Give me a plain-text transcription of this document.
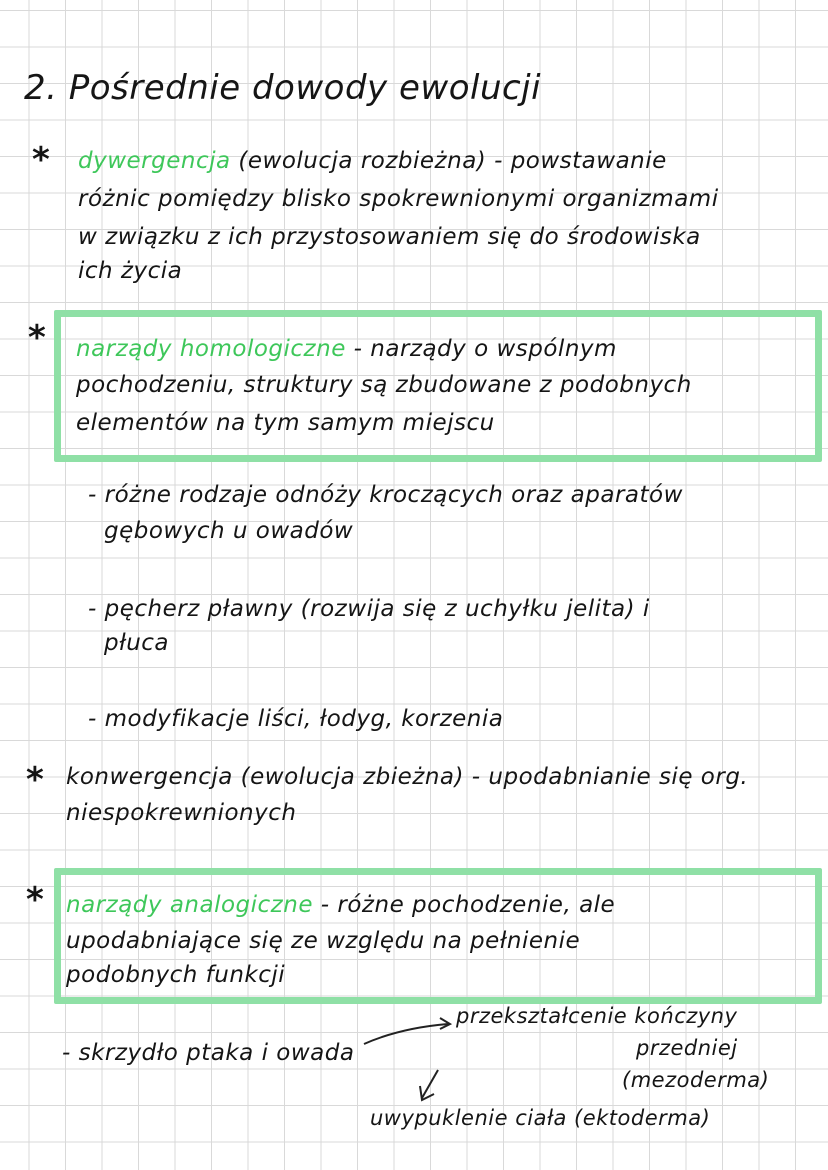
2. Pośrednie dowody ewolucji
* dywergencja (ewolucja rozbieżna) - powstawanie
różnic pomiędzy blisko spokrewnionymi organizmami
w związku z ich przystosowaniem się do środowiska
ich życia
* narządy homologiczne - narządy o wspólnym
pochodzeniu, struktury są zbudowane z podobnych
elementów na tym samym miejscu
- różne rodzaje odnóży kroczących oraz aparatów
gębowych u owadów
- pęcherz pławny (rozwija się z uchyłku jelita) i
płuca
- modyfikacje liści, łodyg, korzenia
* konwergencja (ewolucja zbieżna) - upodabnianie się org.
niespokrewnionych
* narządy analogiczne - różne pochodzenie, ale
upodabniające się ze względu na pełnienie
podobnych funkcji
- skrzydło ptaka i owada
przekształcenie kończyny
przedniej
(mezoderma)
uwypuklenie ciała (ektoderma)
